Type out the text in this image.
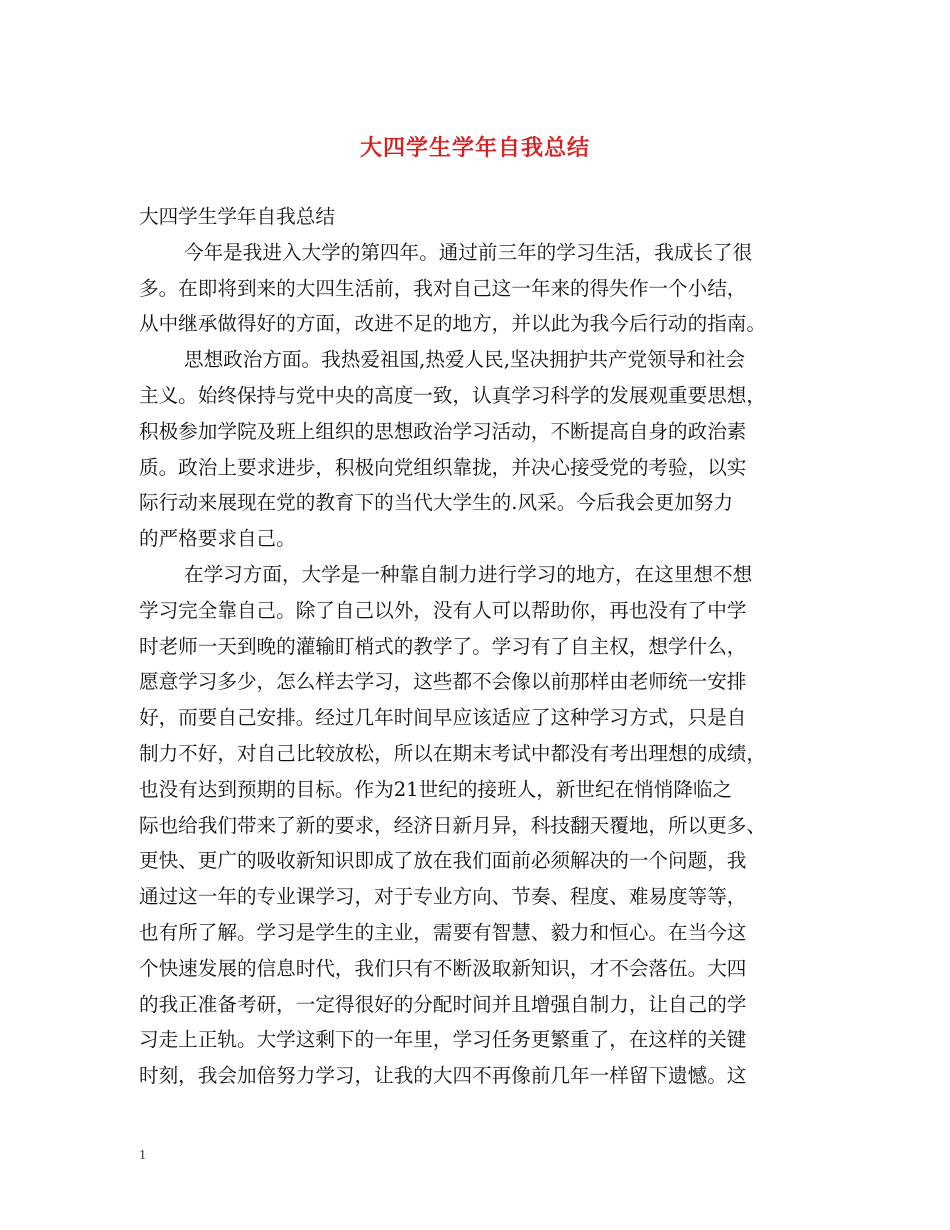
大四学生学年自我总结
大四学生学年自我总结
今年是我进入大学的第四年。通过前三年的学习生活，我成长了很
多。在即将到来的大四生活前，我对自己这一年来的得失作一个小结，
从中继承做得好的方面，改进不足的地方，并以此为我今后行动的指南。
思想政治方面。我热爱祖国,热爱人民,坚决拥护共产党领导和社会
主义。始终保持与党中央的高度一致，认真学习科学的发展观重要思想，
积极参加学院及班上组织的思想政治学习活动，不断提高自身的政治素
质。政治上要求进步，积极向党组织靠拢，并决心接受党的考验，以实
际行动来展现在党的教育下的当代大学生的.风采。今后我会更加努力
的严格要求自己。
在学习方面，大学是一种靠自制力进行学习的地方，在这里想不想
学习完全靠自己。除了自己以外，没有人可以帮助你，再也没有了中学
时老师一天到晚的灌输盯梢式的教学了。学习有了自主权，想学什么，
愿意学习多少，怎么样去学习，这些都不会像以前那样由老师统一安排
好，而要自己安排。经过几年时间早应该适应了这种学习方式，只是自
制力不好，对自己比较放松，所以在期末考试中都没有考出理想的成绩，
也没有达到预期的目标。作为21世纪的接班人，新世纪在悄悄降临之
际也给我们带来了新的要求，经济日新月异，科技翻天覆地，所以更多、
更快、更广的吸收新知识即成了放在我们面前必须解决的一个问题，我
通过这一年的专业课学习，对于专业方向、节奏、程度、难易度等等，
也有所了解。学习是学生的主业，需要有智慧、毅力和恒心。在当今这
个快速发展的信息时代，我们只有不断汲取新知识，才不会落伍。大四
的我正准备考研，一定得很好的分配时间并且增强自制力，让自己的学
习走上正轨。大学这剩下的一年里，学习任务更繁重了，在这样的关键
时刻，我会加倍努力学习，让我的大四不再像前几年一样留下遗憾。这
1
